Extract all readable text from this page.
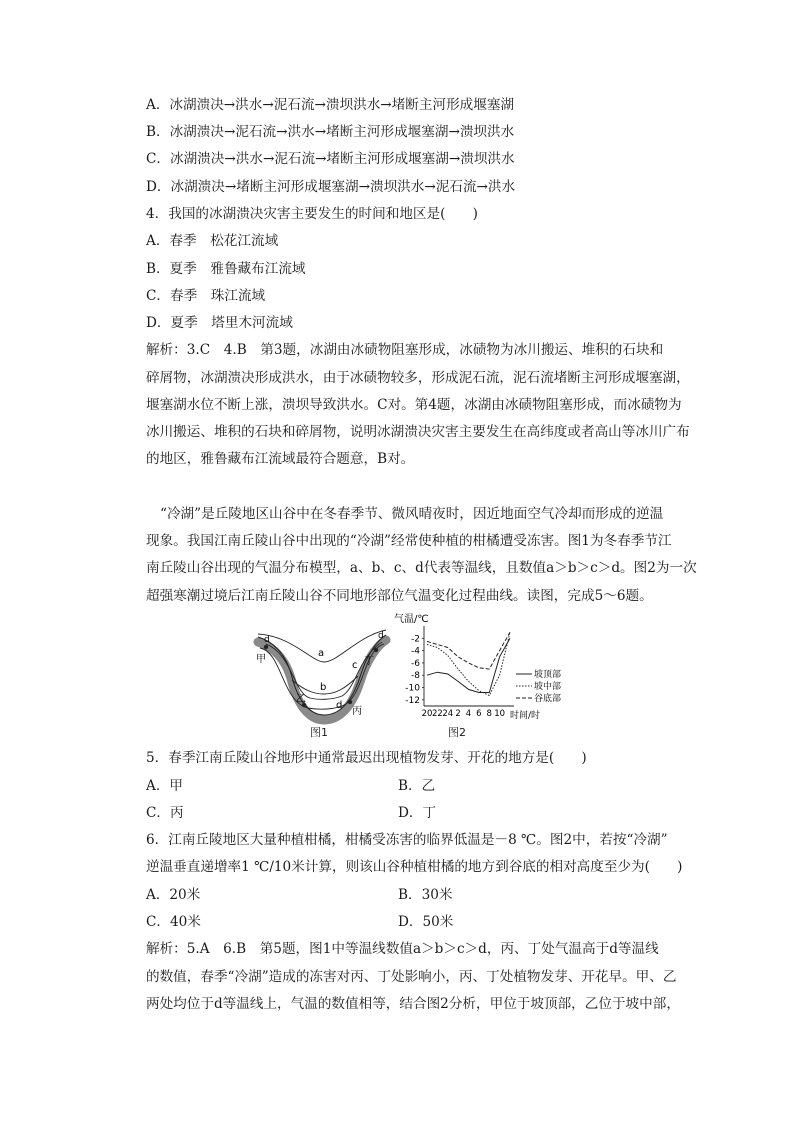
A．冰湖溃决→洪水→泥石流→溃坝洪水→堵断主河形成堰塞湖
B．冰湖溃决→泥石流→洪水→堵断主河形成堰塞湖→溃坝洪水
C．冰湖溃决→洪水→泥石流→堵断主河形成堰塞湖→溃坝洪水
D．冰湖溃决→堵断主河形成堰塞湖→溃坝洪水→泥石流→洪水
4．我国的冰湖溃决灾害主要发生的时间和地区是(　　)
A．春季　松花江流域
B．夏季　雅鲁藏布江流域
C．春季　珠江流域
D．夏季　塔里木河流域
解析：3.C　4.B　第3题，冰湖由冰碛物阻塞形成，冰碛物为冰川搬运、堆积的石块和
碎屑物，冰湖溃决形成洪水，由于冰碛物较多，形成泥石流，泥石流堵断主河形成堰塞湖，
堰塞湖水位不断上涨，溃坝导致洪水。C对。第4题，冰湖由冰碛物阻塞形成，而冰碛物为
冰川搬运、堆积的石块和碎屑物，说明冰湖溃决灾害主要发生在高纬度或者高山等冰川广布
的地区，雅鲁藏布江流域最符合题意，B对。
“冷湖”是丘陵地区山谷中在冬春季节、微风晴夜时，因近地面空气冷却而形成的逆温
现象。我国江南丘陵山谷中出现的“冷湖”经常使种植的柑橘遭受冻害。图1为冬春季节江
南丘陵山谷出现的气温分布模型，a、b、c、d代表等温线，且数值a＞b＞c＞d。图2为一次
超强寒潮过境后江南丘陵山谷不同地形部位气温变化过程曲线。读图，完成5～6题。
a
b
c
d
d	d
甲
乙
丙
丁
图1
气温/℃
-2
-4
-6
-8
-10
-12
20 22 24 2 4 6 8 10 时间/时
坡顶部
坡中部
谷底部
图2
5．春季江南丘陵山谷地形中通常最迟出现植物发芽、开花的地方是(　　)
A．甲	B．乙
C．丙	D．丁
6．江南丘陵地区大量种植柑橘，柑橘受冻害的临界低温是－8 ℃。图2中，若按“冷湖”
逆温垂直递增率1 ℃/10米计算，则该山谷种植柑橘的地方到谷底的相对高度至少为(　　)
A．20米	B．30米
C．40米	D．50米
解析：5.A　6.B　第5题，图1中等温线数值a＞b＞c＞d，丙、丁处气温高于d等温线
的数值，春季“冷湖”造成的冻害对丙、丁处影响小，丙、丁处植物发芽、开花早。甲、乙
两处均位于d等温线上，气温的数值相等，结合图2分析，甲位于坡顶部，乙位于坡中部，
